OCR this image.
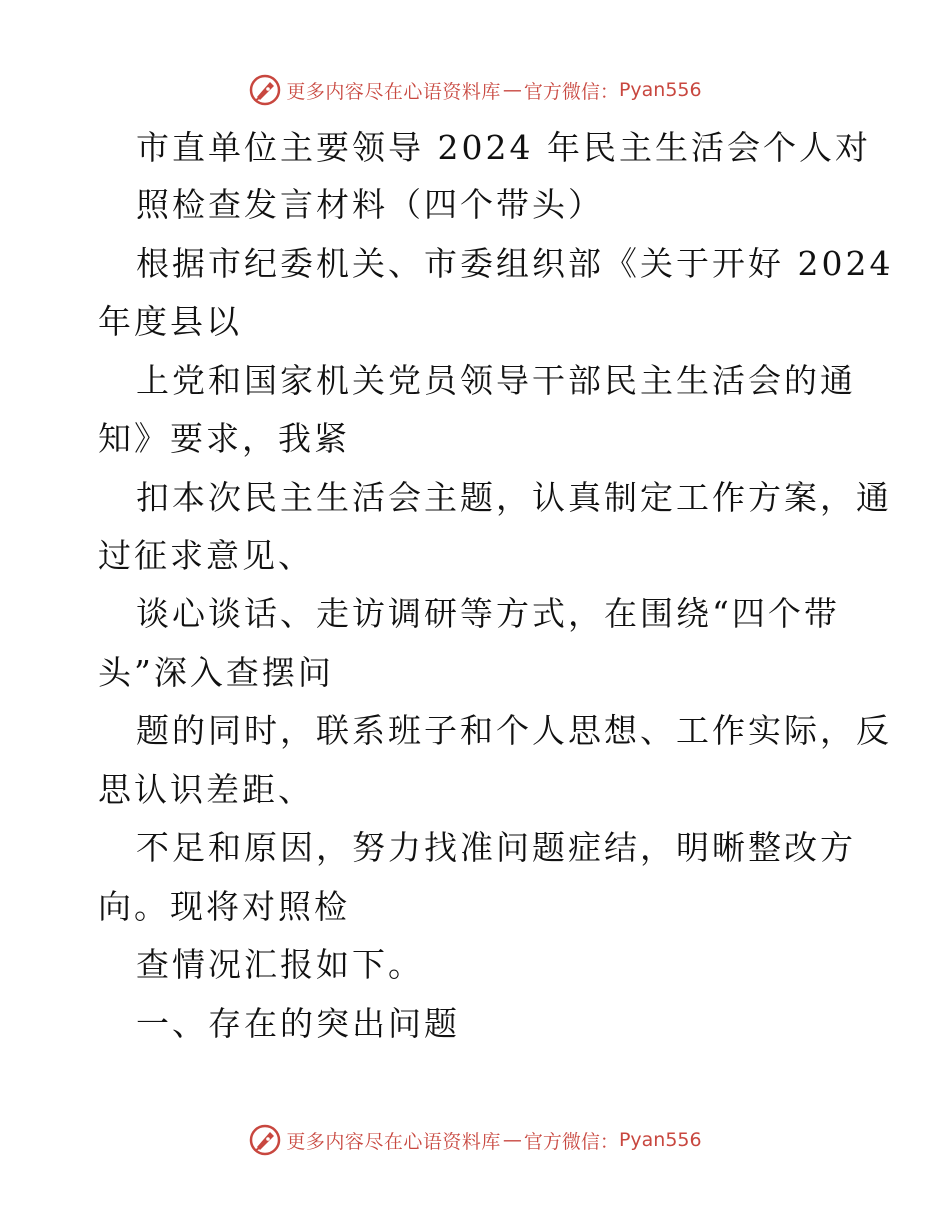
更多内容尽在心语资料库 — 官方微信： Pyan556
市直单位主要领导 2024 年民主生活会个人对
照检查发言材料（四个带头）
根据市纪委机关、市委组织部《关于开好 2024
年度县以
上党和国家机关党员领导干部民主生活会的通
知》要求，我紧
扣本次民主生活会主题，认真制定工作方案，通
过征求意见、
谈心谈话、走访调研等方式，在围绕“四个带
头”深入查摆问
题的同时，联系班子和个人思想、工作实际，反
思认识差距、
不足和原因，努力找准问题症结，明晰整改方
向。现将对照检
查情况汇报如下。
一、存在的突出问题
更多内容尽在心语资料库 — 官方微信： Pyan556
